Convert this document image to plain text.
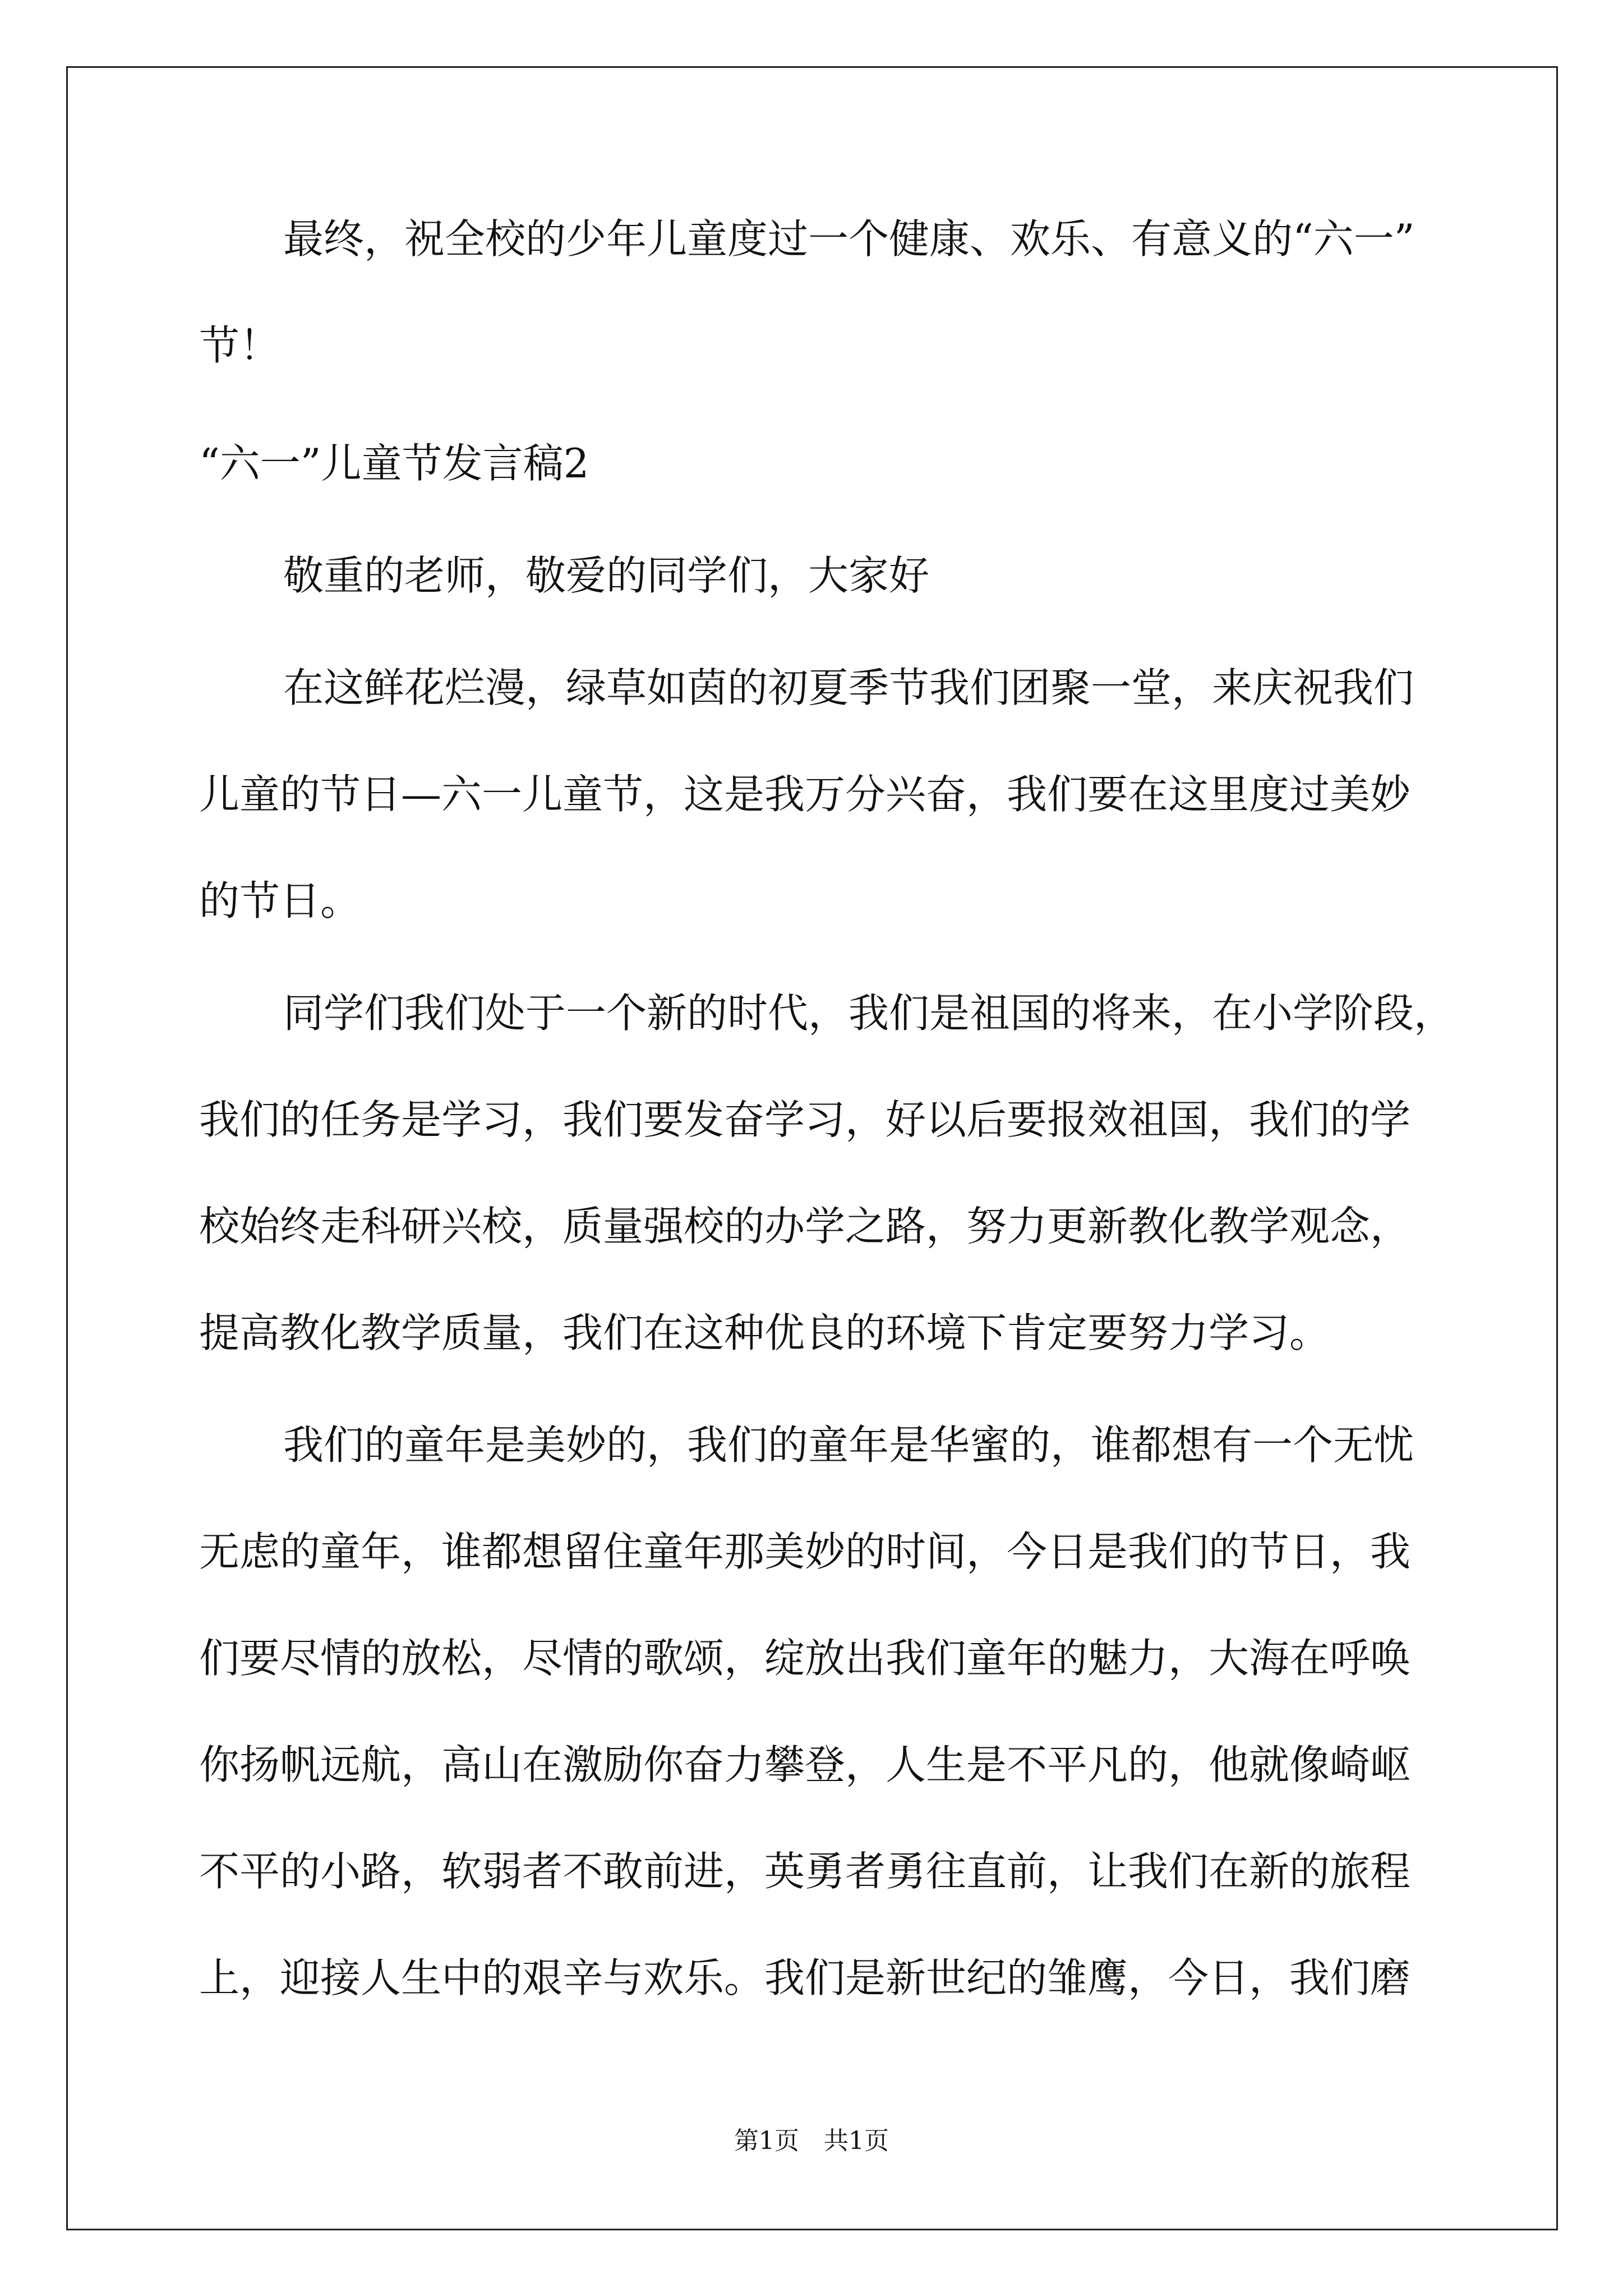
最终，祝全校的少年儿童度过一个健康、欢乐、有意义的“六一”
节！
“六一”儿童节发言稿2
敬重的老师，敬爱的同学们，大家好
在这鲜花烂漫，绿草如茵的初夏季节我们团聚一堂，来庆祝我们
儿童的节日—六一儿童节，这是我万分兴奋，我们要在这里度过美妙
的节日。
同学们我们处于一个新的时代，我们是祖国的将来，在小学阶段，
我们的任务是学习，我们要发奋学习，好以后要报效祖国，我们的学
校始终走科研兴校，质量强校的办学之路，努力更新教化教学观念，
提高教化教学质量，我们在这种优良的环境下肯定要努力学习。
我们的童年是美妙的，我们的童年是华蜜的，谁都想有一个无忧
无虑的童年，谁都想留住童年那美妙的时间，今日是我们的节日，我
们要尽情的放松，尽情的歌颂，绽放出我们童年的魅力，大海在呼唤
你扬帆远航，高山在激励你奋力攀登，人生是不平凡的，他就像崎岖
不平的小路，软弱者不敢前进，英勇者勇往直前，让我们在新的旅程
上，迎接人生中的艰辛与欢乐。我们是新世纪的雏鹰，今日，我们磨
第1页　共1页
